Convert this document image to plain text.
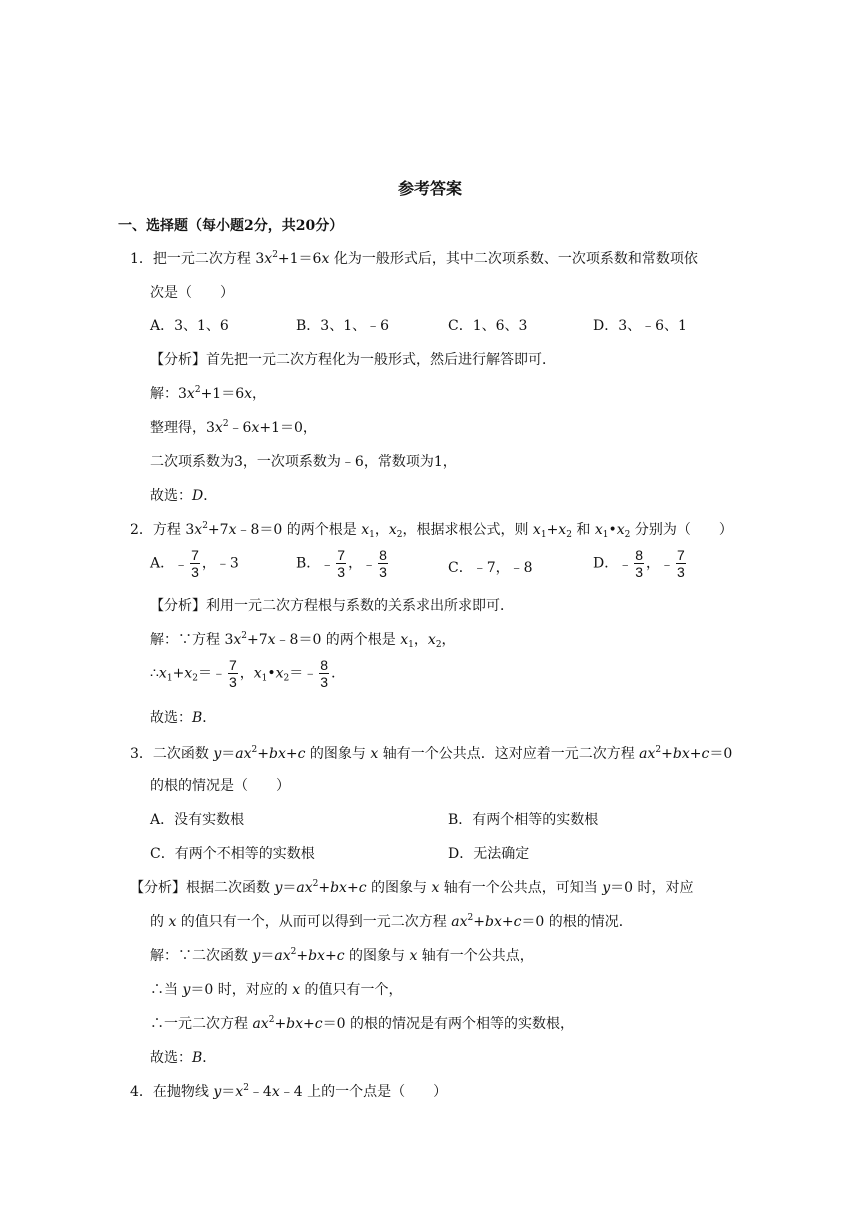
参考答案
一、选择题（每小题2分，共20分）
1．把一元二次方程 $3x^2+1=6x$ 化为一般形式后，其中二次项系数、一次项系数和常数项依
次是（　　）
A．3、1、6	B．3、1、﹣6	C．1、6、3	D．3、﹣6、1
【分析】首先把一元二次方程化为一般形式，然后进行解答即可．
解：$3x^2+1=6x$，
整理得，$3x^2﹣6x+1=0$，
二次项系数为3，一次项系数为﹣6，常数项为1，
故选：D．
2．方程 $3x^2+7x﹣8=0$ 的两个根是 $x_1$，$x_2$，根据求根公式，则 $x_1+x_2$ 和 $x_1•x_2$ 分别为（　　）
A．﹣ $\frac{7}{3}$ ，﹣3	B．﹣ $\frac{7}{3}$ ，﹣ $\frac{8}{3}$	C．﹣7，﹣8	D．﹣ $\frac{8}{3}$ ，﹣ $\frac{7}{3}$
【分析】利用一元二次方程根与系数的关系求出所求即可．
解：∵方程 $3x^2+7x﹣8=0$ 的两个根是 $x_1$，$x_2$，
$\therefore x_1+x_2=﹣ \frac{7}{3}$ ，$x_1•x_2=﹣ \frac{8}{3}$ ．
故选：B．
3．二次函数 $y=ax^2+bx+c$ 的图象与 x 轴有一个公共点．这对应着一元二次方程 $ax^2+bx+c=0$
的根的情况是（　　）
A．没有实数根	B．有两个相等的实数根
C．有两个不相等的实数根	D．无法确定
【分析】根据二次函数 $y=ax^2+bx+c$ 的图象与 x 轴有一个公共点，可知当 y＝0 时，对应
的 x 的值只有一个，从而可以得到一元二次方程 $ax^2+bx+c=0$ 的根的情况．
解：∵二次函数 $y=ax^2+bx+c$ 的图象与 x 轴有一个公共点，
∴当 y＝0 时，对应的 x 的值只有一个，
∴一元二次方程 $ax^2+bx+c=0$ 的根的情况是有两个相等的实数根，
故选：B．
4．在抛物线 $y=x^2﹣4x﹣4$ 上的一个点是（　　）
